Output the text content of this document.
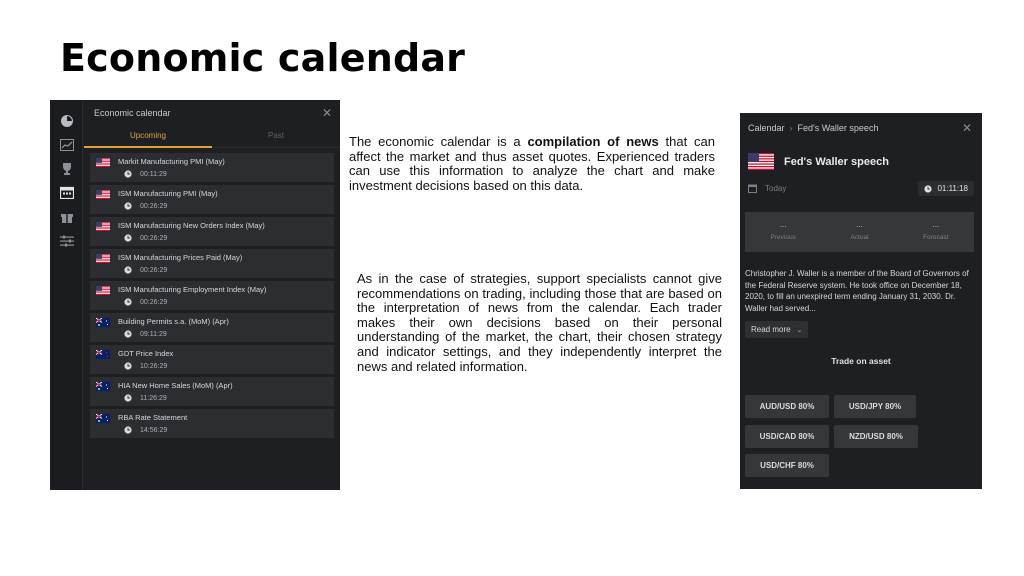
Economic calendar
Economic calendar	✕
Upcoming	Past
Markit Manufacturing PMI (May)
00:11:29
ISM Manufacturing PMI (May)
00:26:29
ISM Manufacturing New Orders Index (May)
00:26:29
ISM Manufacturing Prices Paid (May)
00:26:29
ISM Manufacturing Employment Index (May)
00:26:29
Building Permits s.a. (MoM) (Apr)
09:11:29
GDT Price Index
10:26:29
HIA New Home Sales (MoM) (Apr)
11:26:29
RBA Rate Statement
14:56:29

The economic calendar is a compilation of news that can affect the market and thus asset quotes. Experienced traders can use this information to analyze the chart and make investment decisions based on this data.

As in the case of strategies, support specialists cannot give recommendations on trading, including those that are based on the interpretation of news from the calendar. Each trader makes their own decisions based on their personal understanding of the market, the chart, their chosen strategy and indicator settings, and they independently interpret the news and related information.

Calendar › Fed's Waller speech	✕
Fed's Waller speech
Today	01:11:18
...
Previous
...
Actual
...
Forecast
Christopher J. Waller is a member of the Board of Governors of the Federal Reserve system. He took office on December 18, 2020, to fill an unexpired term ending January 31, 2030. Dr. Waller had served...
Read more ⌄
Trade on asset
AUD/USD 80%	USD/JPY 80%
USD/CAD 80%	NZD/USD 80%
USD/CHF 80%
